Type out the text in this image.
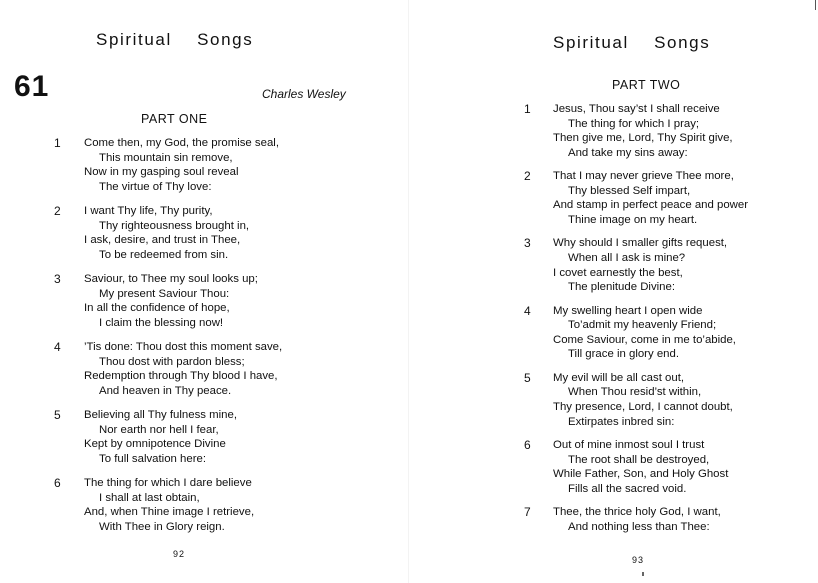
Spiritual    Songs
61	Charles Wesley
PART ONE
1 Come then, my God, the promise seal,
This mountain sin remove,
Now in my gasping soul reveal
The virtue of Thy love:
2 I want Thy life, Thy purity,
Thy righteousness brought in,
I ask, desire, and trust in Thee,
To be redeemed from sin.
3 Saviour, to Thee my soul looks up;
My present Saviour Thou:
In all the confidence of hope,
I claim the blessing now!
4 ’Tis done: Thou dost this moment save,
Thou dost with pardon bless;
Redemption through Thy blood I have,
And heaven in Thy peace.
5 Believing all Thy fulness mine,
Nor earth nor hell I fear,
Kept by omnipotence Divine
To full salvation here:
6 The thing for which I dare believe
I shall at last obtain,
And, when Thine image I retrieve,
With Thee in Glory reign.
92
Spiritual    Songs
PART TWO
1 Jesus, Thou say’st I shall receive
The thing for which I pray;
Then give me, Lord, Thy Spirit give,
And take my sins away:
2 That I may never grieve Thee more,
Thy blessed Self impart,
And stamp in perfect peace and power
Thine image on my heart.
3 Why should I smaller gifts request,
When all I ask is mine?
I covet earnestly the best,
The plenitude Divine:
4 My swelling heart I open wide
To’admit my heavenly Friend;
Come Saviour, come in me to’abide,
Till grace in glory end.
5 My evil will be all cast out,
When Thou resid’st within,
Thy presence, Lord, I cannot doubt,
Extirpates inbred sin:
6 Out of mine inmost soul I trust
The root shall be destroyed,
While Father, Son, and Holy Ghost
Fills all the sacred void.
7 Thee, the thrice holy God, I want,
And nothing less than Thee:
93
